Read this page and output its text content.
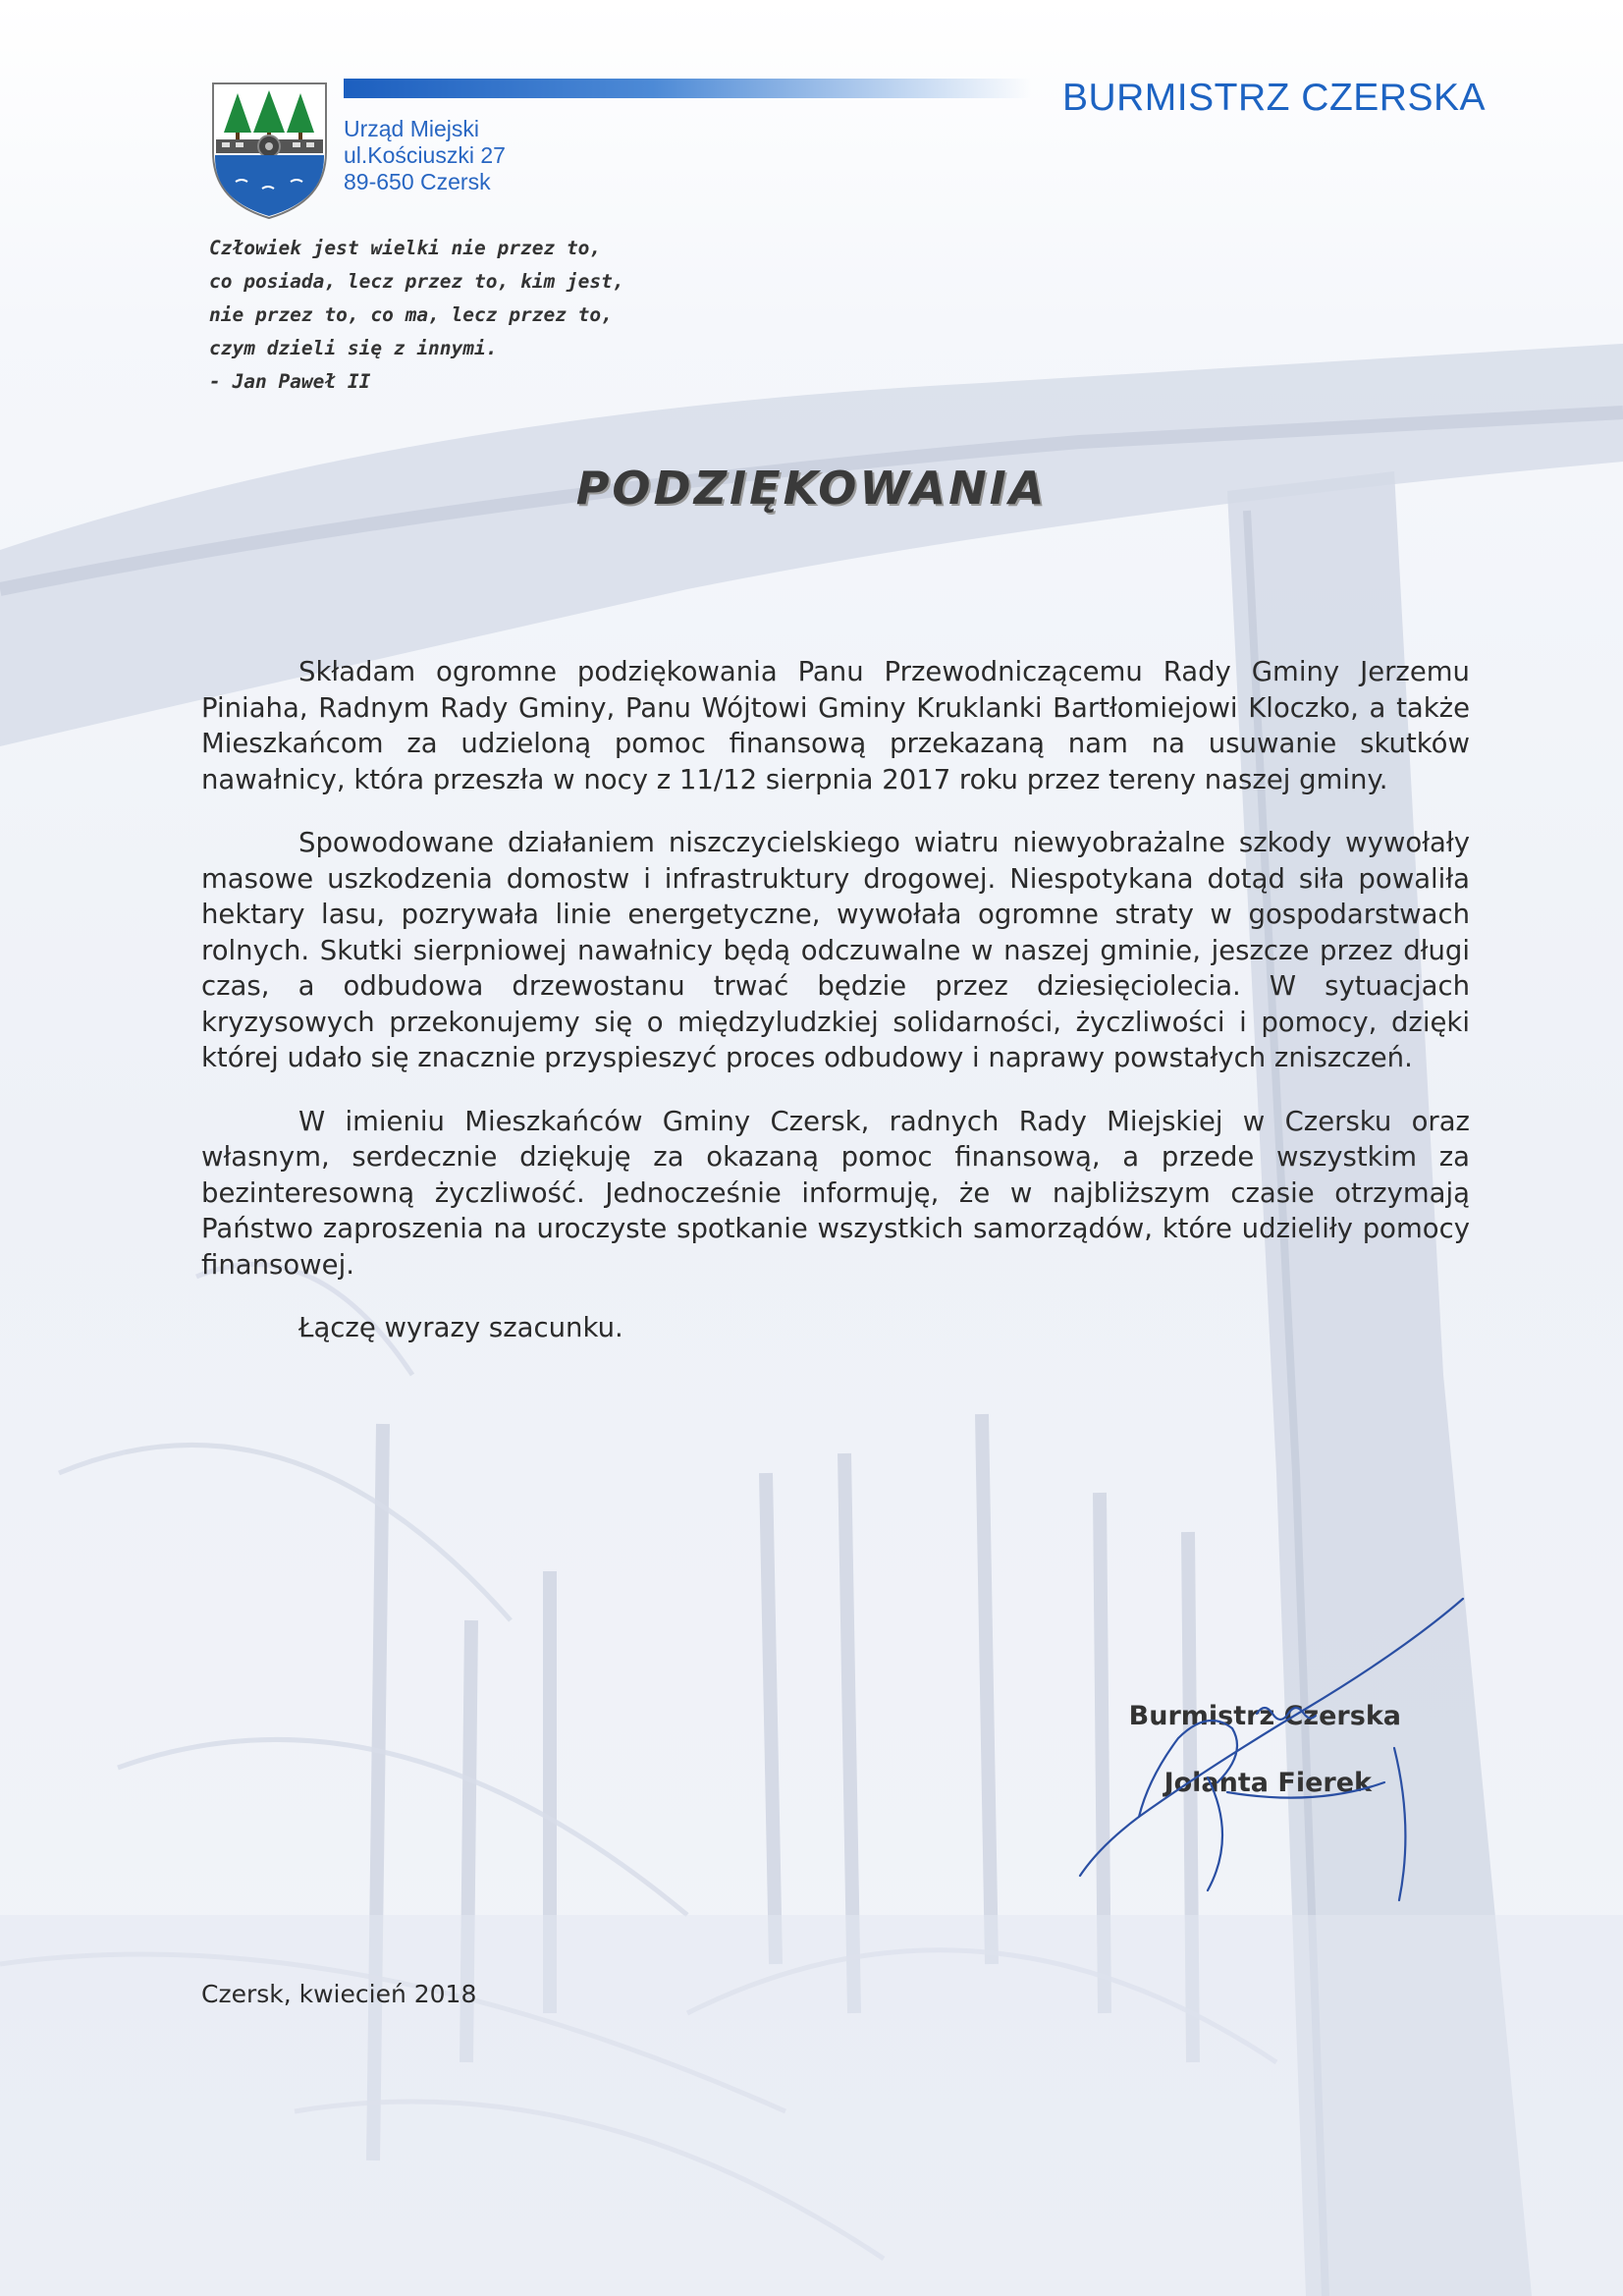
Urząd Miejski
ul.Kościuszki 27
89-650 Czersk
BURMISTRZ CZERSKA
Człowiek jest wielki nie przez to,
co posiada, lecz przez to, kim jest,
nie przez to, co ma, lecz przez to,
czym dzieli się z innymi.
- Jan Paweł II
PODZIĘKOWANIA

Składam ogromne podziękowania Panu Przewodniczącemu Rady Gminy Jerzemu Piniaha, Radnym Rady Gminy, Panu Wójtowi Gminy Kruklanki Bartłomiejowi Kloczko, a także Mieszkańcom za udzieloną pomoc finansową przekazaną nam na usuwanie skutków nawałnicy, która przeszła w nocy z 11/12 sierpnia 2017 roku przez tereny naszej gminy.

Spowodowane działaniem niszczycielskiego wiatru niewyobrażalne szkody wywołały masowe uszkodzenia domostw i infrastruktury drogowej. Niespotykana dotąd siła powaliła hektary lasu, pozrywała linie energetyczne, wywołała ogromne straty w gospodarstwach rolnych. Skutki sierpniowej nawałnicy będą odczuwalne w naszej gminie, jeszcze przez długi czas, a odbudowa drzewostanu trwać będzie przez dziesięciolecia. W sytuacjach kryzysowych przekonujemy się o międzyludzkiej solidarności, życzliwości i pomocy, dzięki której udało się znacznie przyspieszyć proces odbudowy i naprawy powstałych zniszczeń.

W imieniu Mieszkańców Gminy Czersk, radnych Rady Miejskiej w Czersku oraz własnym, serdecznie dziękuję za okazaną pomoc finansową, a przede wszystkim za bezinteresowną życzliwość. Jednocześnie informuję, że w najbliższym czasie otrzymają Państwo zaproszenia na uroczyste spotkanie wszystkich samorządów, które udzieliły pomocy finansowej.

Łączę wyrazy szacunku.
Burmistrz Czerska
Jolanta Fierek
Czersk, kwiecień 2018
